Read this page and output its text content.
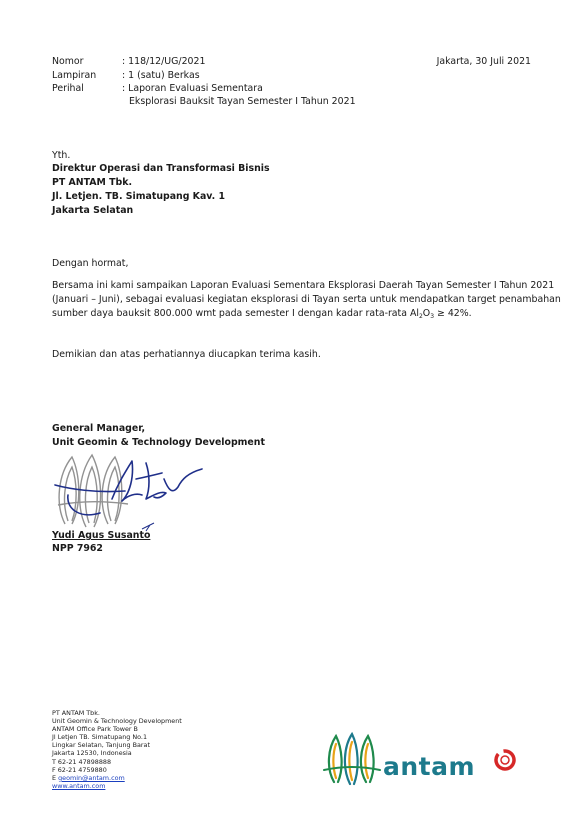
Nomor	: 118/12/UG/2021	Jakarta, 30 Juli 2021
Lampiran	: 1 (satu) Berkas
Perihal	: Laporan Evaluasi Sementara
Eksplorasi Bauksit Tayan Semester I Tahun 2021
Yth.
Direktur Operasi dan Transformasi Bisnis
PT ANTAM Tbk.
Jl. Letjen. TB. Simatupang Kav. 1
Jakarta Selatan
Dengan hormat,
Bersama ini kami sampaikan Laporan Evaluasi Sementara Eksplorasi Daerah Tayan Semester I Tahun 2021
(Januari – Juni), sebagai evaluasi kegiatan eksplorasi di Tayan serta untuk mendapatkan target penambahan
sumber daya bauksit 800.000 wmt pada semester I dengan kadar rata-rata $Al_2O_3 \ge 42\%$.
Demikian dan atas perhatiannya diucapkan terima kasih.
General Manager,
Unit Geomin & Technology Development
Yudi Agus Susanto
NPP 7962
PT ANTAM Tbk.
Unit Geomin & Technology Development
ANTAM Office Park Tower B
Jl Letjen TB. Simatupang No.1
Lingkar Selatan, Tanjung Barat
Jakarta 12530, Indonesia
T 62-21 47898888
F 62-21 4759880
E geomin@antam.com
www.antam.com
antam
